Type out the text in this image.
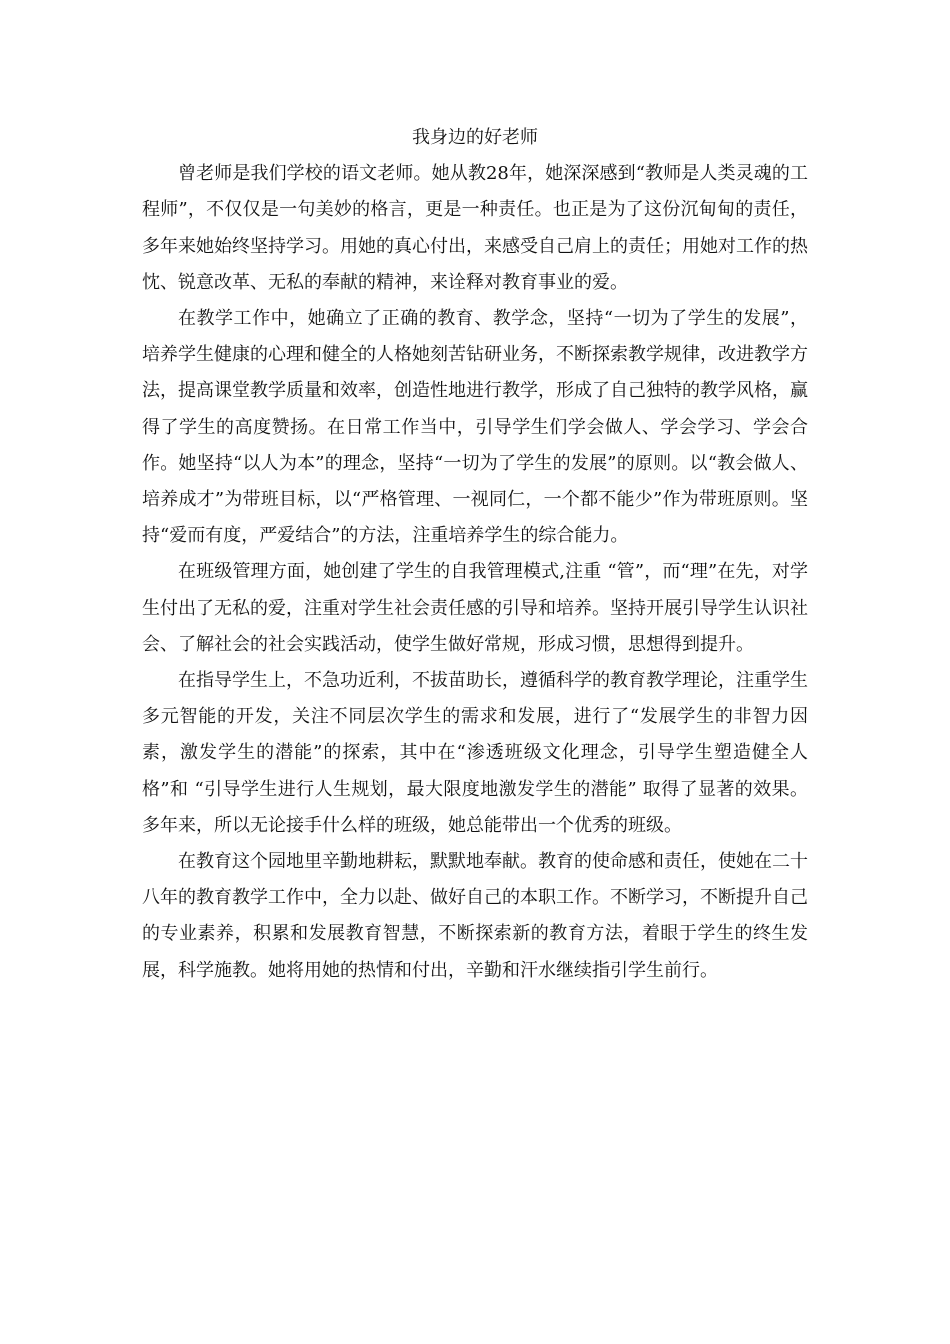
我身边的好老师

曾老师是我们学校的语文老师。她从教28年，她深深感到“教师是人类灵魂的工程师”，不仅仅是一句美妙的格言，更是一种责任。也正是为了这份沉甸甸的责任，多年来她始终坚持学习。用她的真心付出，来感受自己肩上的责任；用她对工作的热忱、锐意改革、无私的奉献的精神，来诠释对教育事业的爱。

在教学工作中，她确立了正确的教育、教学念，坚持“一切为了学生的发展”，培养学生健康的心理和健全的人格她刻苦钻研业务，不断探索教学规律，改进教学方法，提高课堂教学质量和效率，创造性地进行教学，形成了自己独特的教学风格，赢得了学生的高度赞扬。在日常工作当中，引导学生们学会做人、学会学习、学会合作。她坚持“以人为本”的理念，坚持“一切为了学生的发展”的原则。以“教会做人、培养成才”为带班目标，以“严格管理、一视同仁，一个都不能少”作为带班原则。坚持“爱而有度，严爱结合”的方法，注重培养学生的综合能力。

在班级管理方面，她创建了学生的自我管理模式,注重 “管”，而“理”在先，对学生付出了无私的爱，注重对学生社会责任感的引导和培养。坚持开展引导学生认识社会、了解社会的社会实践活动，使学生做好常规，形成习惯，思想得到提升。

在指导学生上，不急功近利，不拔苗助长，遵循科学的教育教学理论，注重学生多元智能的开发，关注不同层次学生的需求和发展，进行了“发展学生的非智力因素，激发学生的潜能”的探索，其中在“渗透班级文化理念，引导学生塑造健全人格”和 “引导学生进行人生规划，最大限度地激发学生的潜能” 取得了显著的效果。多年来，所以无论接手什么样的班级，她总能带出一个优秀的班级。

在教育这个园地里辛勤地耕耘，默默地奉献。教育的使命感和责任，使她在二十八年的教育教学工作中，全力以赴、做好自己的本职工作。不断学习，不断提升自己的专业素养，积累和发展教育智慧，不断探索新的教育方法，着眼于学生的终生发展，科学施教。她将用她的热情和付出，辛勤和汗水继续指引学生前行。
